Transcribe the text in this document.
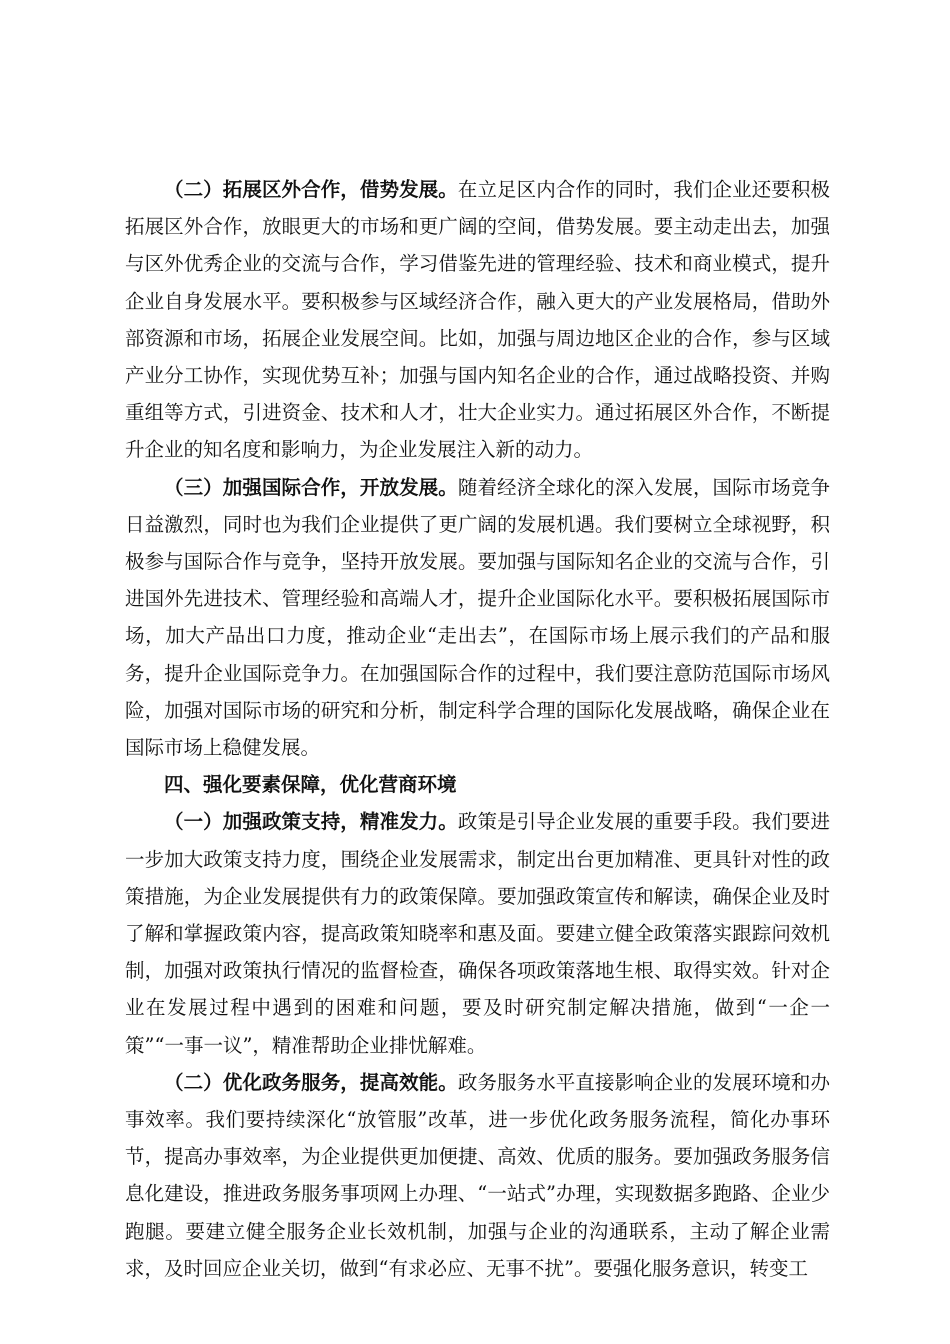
（二）拓展区外合作，借势发展。在立足区内合作的同时，我们企业还要积极拓展区外合作，放眼更大的市场和更广阔的空间，借势发展。要主动走出去，加强与区外优秀企业的交流与合作，学习借鉴先进的管理经验、技术和商业模式，提升企业自身发展水平。要积极参与区域经济合作，融入更大的产业发展格局，借助外部资源和市场，拓展企业发展空间。比如，加强与周边地区企业的合作，参与区域产业分工协作，实现优势互补；加强与国内知名企业的合作，通过战略投资、并购重组等方式，引进资金、技术和人才，壮大企业实力。通过拓展区外合作，不断提升企业的知名度和影响力，为企业发展注入新的动力。

（三）加强国际合作，开放发展。随着经济全球化的深入发展，国际市场竞争日益激烈，同时也为我们企业提供了更广阔的发展机遇。我们要树立全球视野，积极参与国际合作与竞争，坚持开放发展。要加强与国际知名企业的交流与合作，引进国外先进技术、管理经验和高端人才，提升企业国际化水平。要积极拓展国际市场，加大产品出口力度，推动企业“走出去”，在国际市场上展示我们的产品和服务，提升企业国际竞争力。在加强国际合作的过程中，我们要注意防范国际市场风险，加强对国际市场的研究和分析，制定科学合理的国际化发展战略，确保企业在国际市场上稳健发展。

四、强化要素保障，优化营商环境

（一）加强政策支持，精准发力。政策是引导企业发展的重要手段。我们要进一步加大政策支持力度，围绕企业发展需求，制定出台更加精准、更具针对性的政策措施，为企业发展提供有力的政策保障。要加强政策宣传和解读，确保企业及时了解和掌握政策内容，提高政策知晓率和惠及面。要建立健全政策落实跟踪问效机制，加强对政策执行情况的监督检查，确保各项政策落地生根、取得实效。针对企业在发展过程中遇到的困难和问题，要及时研究制定解决措施，做到“一企一策”“一事一议”，精准帮助企业排忧解难。

（二）优化政务服务，提高效能。政务服务水平直接影响企业的发展环境和办事效率。我们要持续深化“放管服”改革，进一步优化政务服务流程，简化办事环节，提高办事效率，为企业提供更加便捷、高效、优质的服务。要加强政务服务信息化建设，推进政务服务事项网上办理、“一站式”办理，实现数据多跑路、企业少跑腿。要建立健全服务企业长效机制，加强与企业的沟通联系，主动了解企业需求，及时回应企业关切，做到“有求必应、无事不扰”。要强化服务意识，转变工
